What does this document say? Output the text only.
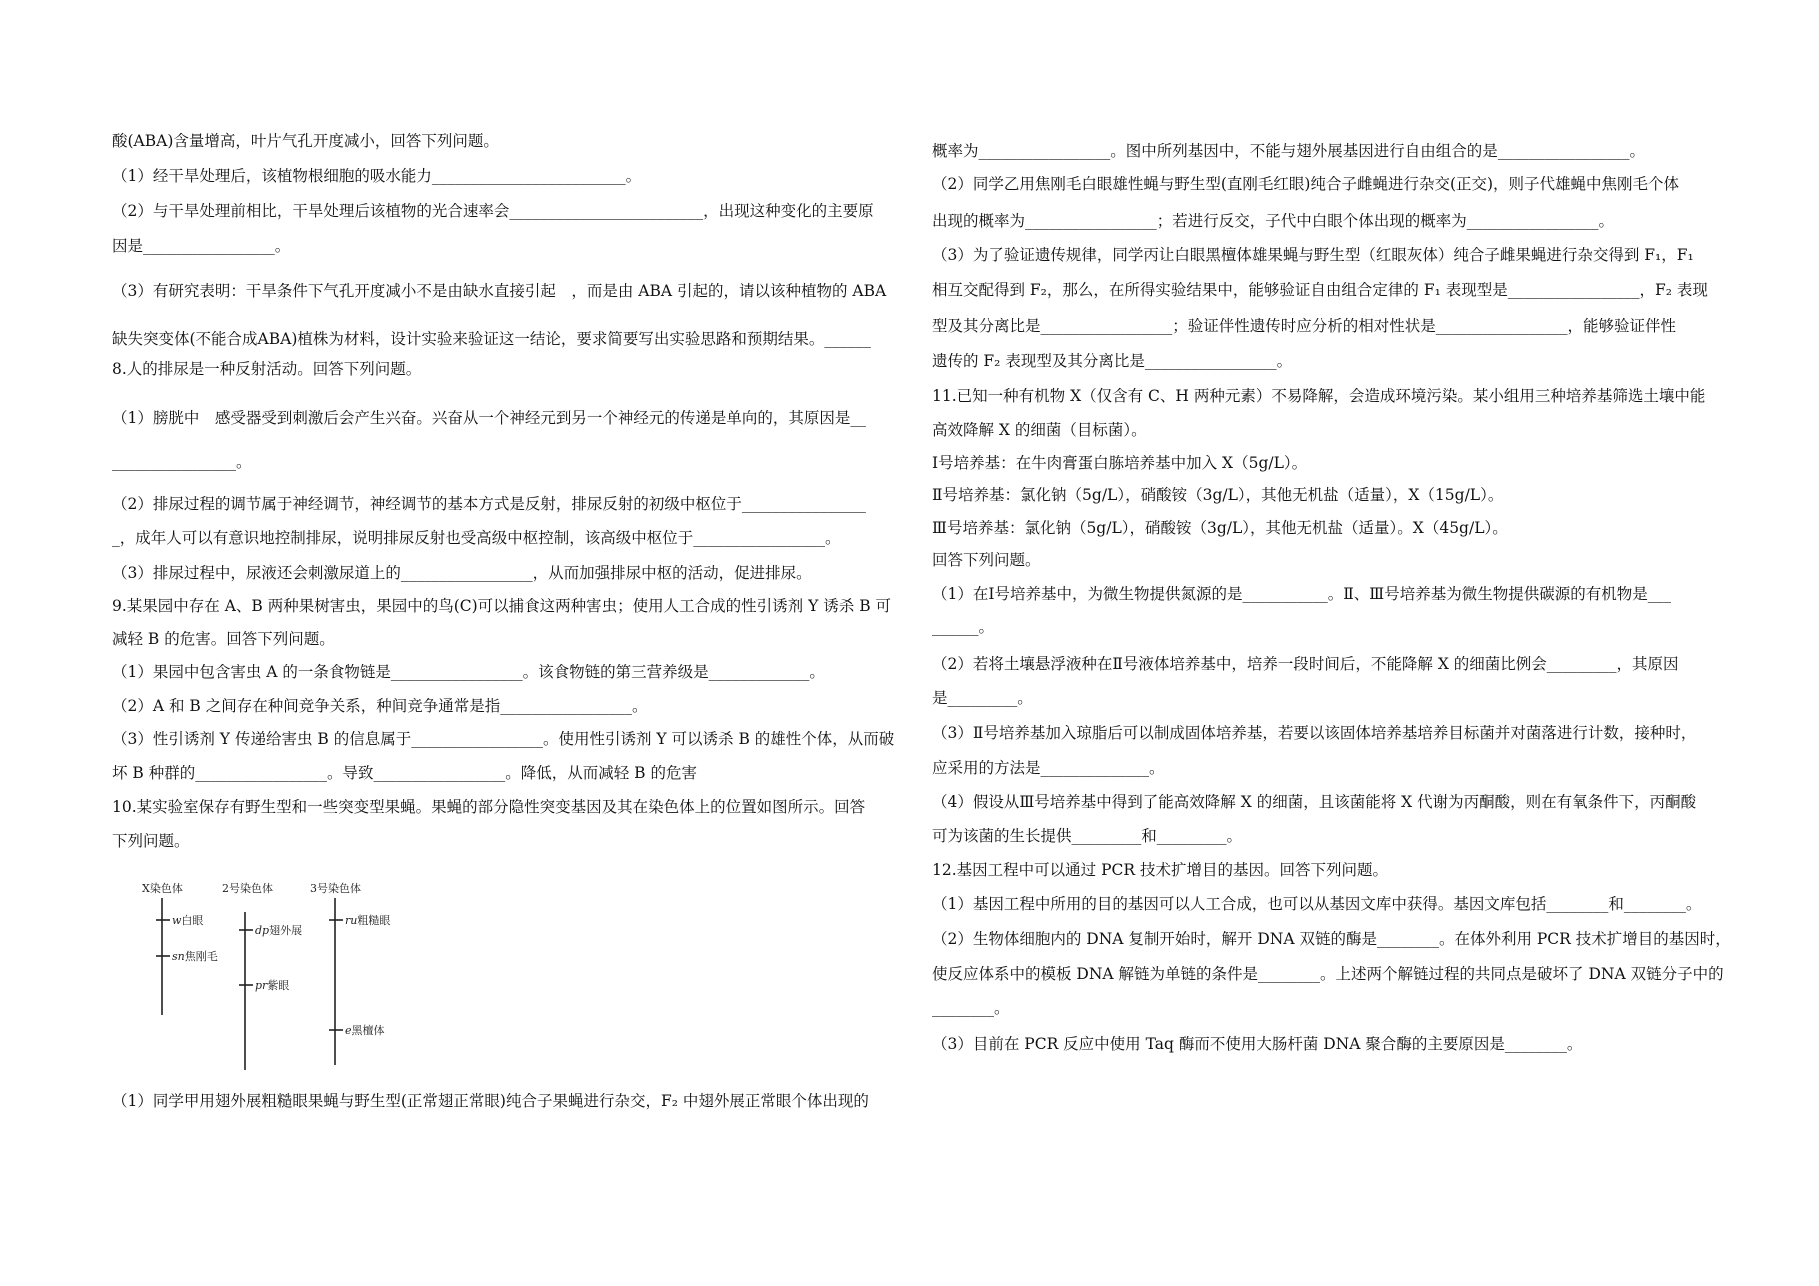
酸(ABA)含量增高，叶片气孔开度减小，回答下列问题。
（1）经干旱处理后，该植物根细胞的吸水能力_________________________。
（2）与干旱处理前相比，干旱处理后该植物的光合速率会_________________________，出现这种变化的主要原
因是_________________。
（3）有研究表明：干旱条件下气孔开度减小不是由缺水直接引起　，而是由 ABA 引起的，请以该种植物的 ABA
缺失突变体(不能合成ABA)植株为材料，设计实验来验证这一结论，要求简要写出实验思路和预期结果。______
8.人的排尿是一种反射活动。回答下列问题。
（1）膀胱中　感受器受到刺激后会产生兴奋。兴奋从一个神经元到另一个神经元的传递是单向的，其原因是__
________________。
（2）排尿过程的调节属于神经调节，神经调节的基本方式是反射，排尿反射的初级中枢位于________________
_，成年人可以有意识地控制排尿，说明排尿反射也受高级中枢控制，该高级中枢位于_________________。
（3）排尿过程中，尿液还会刺激尿道上的_________________，从而加强排尿中枢的活动，促进排尿。
9.某果园中存在 A、B 两种果树害虫，果园中的鸟(C)可以捕食这两种害虫；使用人工合成的性引诱剂 Y 诱杀 B 可
减轻 B 的危害。回答下列问题。
（1）果园中包含害虫 A 的一条食物链是_________________。该食物链的第三营养级是_____________。
（2）A 和 B 之间存在种间竞争关系，种间竞争通常是指_________________。
（3）性引诱剂 Y 传递给害虫 B 的信息属于_________________。使用性引诱剂 Y 可以诱杀 B 的雄性个体，从而破
坏 B 种群的_________________。导致_________________。降低，从而减轻 B 的危害
10.某实验室保存有野生型和一些突变型果蝇。果蝇的部分隐性突变基因及其在染色体上的位置如图所示。回答
下列问题。
（1）同学甲用翅外展粗糙眼果蝇与野生型(正常翅正常眼)纯合子果蝇进行杂交，F₂ 中翅外展正常眼个体出现的
X染色体	2号染色体	3号染色体
w白眼
sn焦刚毛
dp翅外展
pr紫眼
ru粗糙眼
e黑檀体
概率为_________________。图中所列基因中，不能与翅外展基因进行自由组合的是_________________。
（2）同学乙用焦刚毛白眼雄性蝇与野生型(直刚毛红眼)纯合子雌蝇进行杂交(正交)，则子代雄蝇中焦刚毛个体
出现的概率为_________________；若进行反交，子代中白眼个体出现的概率为_________________。
（3）为了验证遗传规律，同学丙让白眼黑檀体雄果蝇与野生型（红眼灰体）纯合子雌果蝇进行杂交得到 F₁，F₁
相互交配得到 F₂，那么，在所得实验结果中，能够验证自由组合定律的 F₁ 表现型是_________________，F₂ 表现
型及其分离比是_________________；验证伴性遗传时应分析的相对性状是_________________，能够验证伴性
遗传的 F₂ 表现型及其分离比是_________________。
11.已知一种有机物 X（仅含有 C、H 两种元素）不易降解，会造成环境污染。某小组用三种培养基筛选土壤中能
高效降解 X 的细菌（目标菌）。
Ⅰ号培养基：在牛肉膏蛋白胨培养基中加入 X（5g/L）。
Ⅱ号培养基：氯化钠（5g/L），硝酸铵（3g/L），其他无机盐（适量），X（15g/L）。
Ⅲ号培养基：氯化钠（5g/L），硝酸铵（3g/L），其他无机盐（适量）。X（45g/L）。
回答下列问题。
（1）在Ⅰ号培养基中，为微生物提供氮源的是___________。Ⅱ、Ⅲ号培养基为微生物提供碳源的有机物是___
______。
（2）若将土壤悬浮液种在Ⅱ号液体培养基中，培养一段时间后，不能降解 X 的细菌比例会_________，其原因
是_________。
（3）Ⅱ号培养基加入琼脂后可以制成固体培养基，若要以该固体培养基培养目标菌并对菌落进行计数，接种时，
应采用的方法是______________。
（4）假设从Ⅲ号培养基中得到了能高效降解 X 的细菌，且该菌能将 X 代谢为丙酮酸，则在有氧条件下，丙酮酸
可为该菌的生长提供_________和_________。
12.基因工程中可以通过 PCR 技术扩增目的基因。回答下列问题。
（1）基因工程中所用的目的基因可以人工合成，也可以从基因文库中获得。基因文库包括________和________。
（2）生物体细胞内的 DNA 复制开始时，解开 DNA 双链的酶是________。在体外利用 PCR 技术扩增目的基因时，
使反应体系中的模板 DNA 解链为单链的条件是________。上述两个解链过程的共同点是破坏了 DNA 双链分子中的
________。
（3）目前在 PCR 反应中使用 Taq 酶而不使用大肠杆菌 DNA 聚合酶的主要原因是________。
